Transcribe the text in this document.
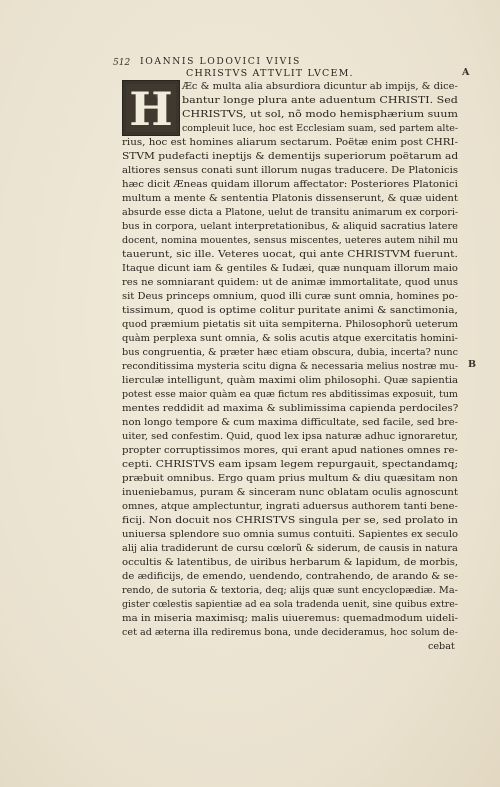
512	IOANNIS LODOVICI VIVIS
CHRISTVS ATTVLIT LVCEM.	A
B
H Æc & multa alia absurdiora dicuntur ab impijs, & dice-
bantur longe plura ante aduentum CHRISTI. Sed
CHRISTVS, ut sol, nõ modo hemisphærium suum
compleuit luce, hoc est Ecclesiam suam, sed partem alte-
rius, hoc est homines aliarum sectarum. Poëtæ enim post CHRI-
STVM pudefacti ineptijs & dementijs superiorum poëtarum ad
altiores sensus conati sunt illorum nugas traducere. De Platonicis
hæc dicit Æneas quidam illorum affectator: Posteriores Platonici
multum a mente & sententia Platonis dissenserunt, & quæ uident
absurde esse dicta a Platone, uelut de transitu animarum ex corpori-
bus in corpora, uelant interpretationibus, & aliquid sacratius latere
docent, nomina mouentes, sensus miscentes, ueteres autem nihil mu
tauerunt, sic ille. Veteres uocat, qui ante CHRISTVM fuerunt.
Itaque dicunt iam & gentiles & Iudæi, quæ nunquam illorum maio
res ne somniarant quidem: ut de animæ immortalitate, quod unus
sit Deus princeps omnium, quod illi curæ sunt omnia, homines po-
tissimum, quod is optime colitur puritate animi & sanctimonia,
quod præmium pietatis sit uita sempiterna. Philosophorũ ueterum
quàm perplexa sunt omnia, & solis acutis atque exercitatis homini-
bus congruentia, & præter hæc etiam obscura, dubia, incerta? nunc
reconditissima mysteria scitu digna & necessaria melius nostræ mu-
lierculæ intelligunt, quàm maximi olim philosophi. Quæ sapientia
potest esse maior quàm ea quæ fictum res abditissimas exposuit, tum
mentes reddidit ad maxima & sublimissima capienda perdociles?
non longo tempore & cum maxima difficultate, sed facile, sed bre-
uiter, sed confestim. Quid, quod lex ipsa naturæ adhuc ignoraretur,
propter corruptissimos mores, qui erant apud nationes omnes re-
cepti. CHRISTVS eam ipsam legem repurgauit, spectandamq;
præbuit omnibus. Ergo quam prius multum & diu quæsitam non
inueniebamus, puram & sinceram nunc oblatam oculis agnoscunt
omnes, atque amplectuntur, ingrati aduersus authorem tanti bene-
ficij. Non docuit nos CHRISTVS singula per se, sed prolato in
uniuersa splendore suo omnia sumus contuiti. Sapientes ex seculo
alij alia tradiderunt de cursu cœlorũ & siderum, de causis in natura
occultis & latentibus, de uiribus herbarum & lapidum, de morbis,
de ædificijs, de emendo, uendendo, contrahendo, de arando & se-
rendo, de sutoria & textoria, deq; alijs quæ sunt encyclopædiæ. Ma-
gister cœlestis sapientiæ ad ea sola tradenda uenit, sine quibus extre-
ma in miseria maximisq; malis uiueremus: quemadmodum uideli-
cet ad æterna illa rediremus bona, unde decideramus, hoc solum de-
cebat
